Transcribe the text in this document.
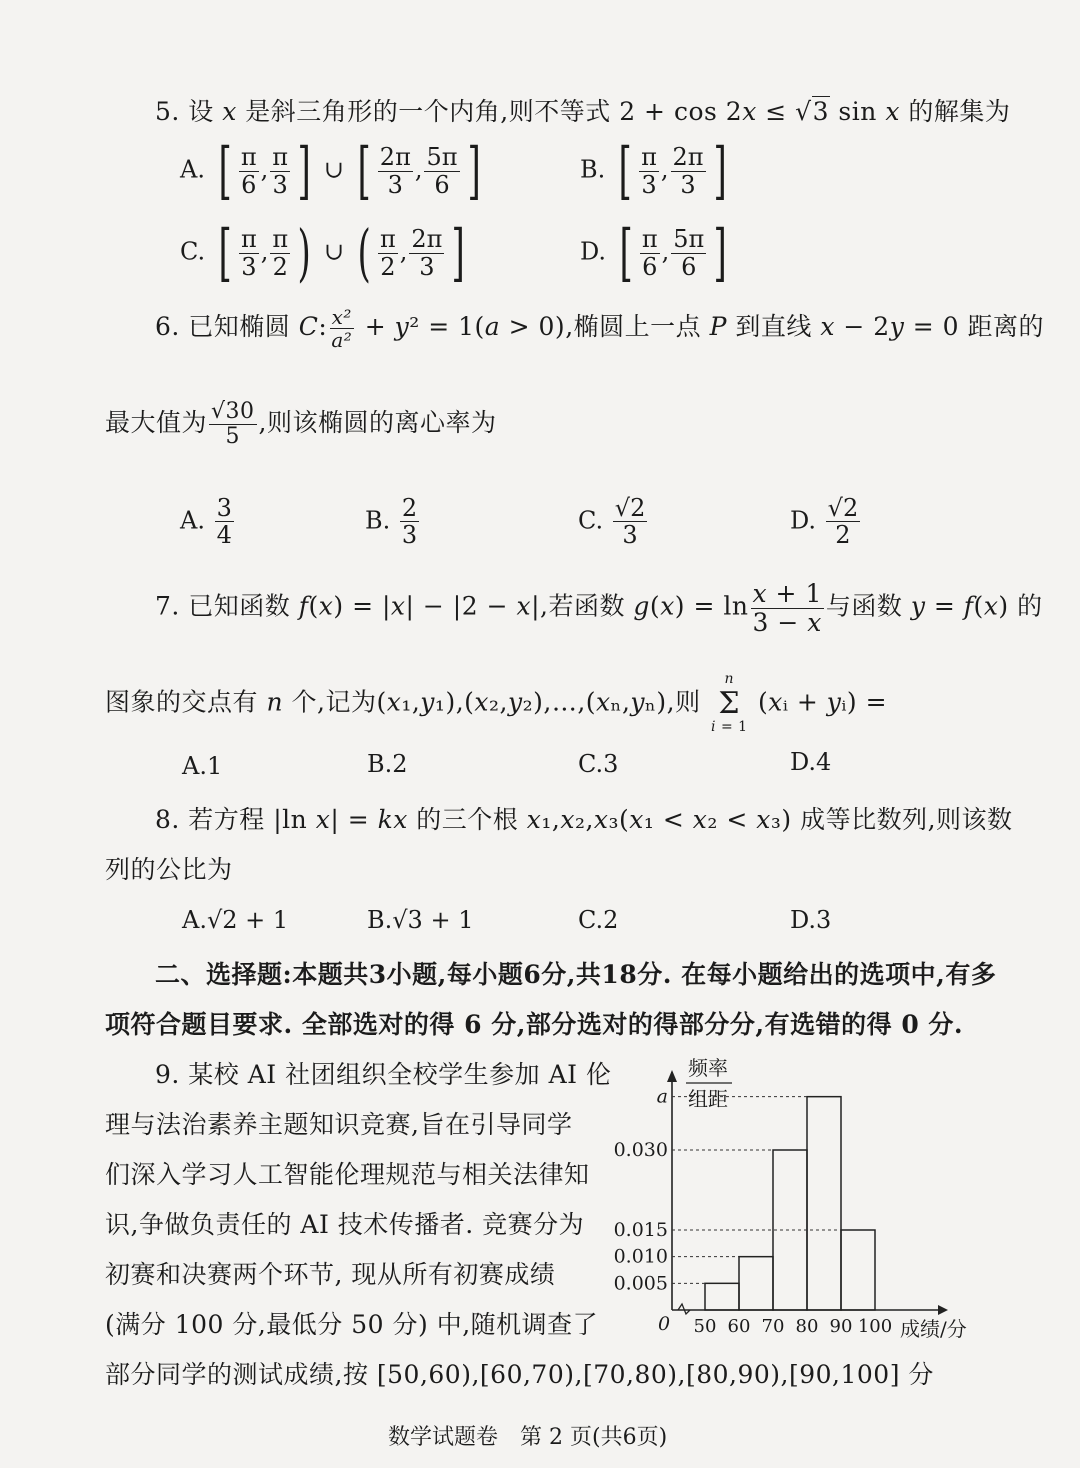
5. 设 x 是斜三角形的一个内角,则不等式 2 + cos 2x ≤ √3 sin x 的解集为
A. [ $\frac{\pi}{6}$ , $\frac{\pi}{3}$ ] ∪ [ $\frac{2\pi}{3}$ , $\frac{5\pi}{6}$ ]	B. [ $\frac{\pi}{3}$ , $\frac{2\pi}{3}$ ]
C. [ $\frac{\pi}{3}$ , $\frac{\pi}{2}$ ) ∪ ( $\frac{\pi}{2}$ , $\frac{2\pi}{3}$ ]	D. [ $\frac{\pi}{6}$ , $\frac{5\pi}{6}$ ]
6. 已知椭圆 C: $\frac{\text{x²}}{\text{a²}} + y^2 = 1(a > 0)$,椭圆上一点 P 到直线 x − 2y = 0 距离的
最大值为 $\frac{√30}{5}$ ,则该椭圆的离心率为
A. $\frac{3}{4}$	B. $\frac{2}{3}$	C. $\frac{√2}{3}$	D. $\frac{√2}{2}$
7. 已知函数 f(x) = |x| − |2 − x|,若函数 $g(x) = \ln \frac{x + 1}{3 - x}$ 与函数 y = f(x) 的
图象的交点有 n 个,记为(x₁,y₁),(x₂,y₂),…,(xₙ,yₙ),则
n
Σ
i = 1
(xᵢ + yᵢ) =
A.1	B.2	C.3	D.4
8. 若方程 |ln x| = kx 的三个根 x₁,x₂,x₃(x₁ < x₂ < x₃) 成等比数列,则该数
列的公比为
A.√2 + 1	B.√3 + 1	C.2	D.3
二、选择题:本题共3小题,每小题6分,共18分. 在每小题给出的选项中,有多
项符合题目要求. 全部选对的得 6 分,部分选对的得部分分,有选错的得 0 分.
9. 某校 AI 社团组织全校学生参加 AI 伦
理与法治素养主题知识竞赛,旨在引导同学
们深入学习人工智能伦理规范与相关法律知
识,争做负责任的 AI 技术传播者. 竞赛分为
初赛和决赛两个环节, 现从所有初赛成绩
(满分 100 分,最低分 50 分) 中,随机调查了
部分同学的测试成绩,按 [50,60),[60,70),[70,80),[80,90),[90,100] 分
0.005
0.010
0.015
0.030
a
50 60 70 80 90 100
0	成绩/分
频率
组距
数学试题卷　第 2 页(共6页)
